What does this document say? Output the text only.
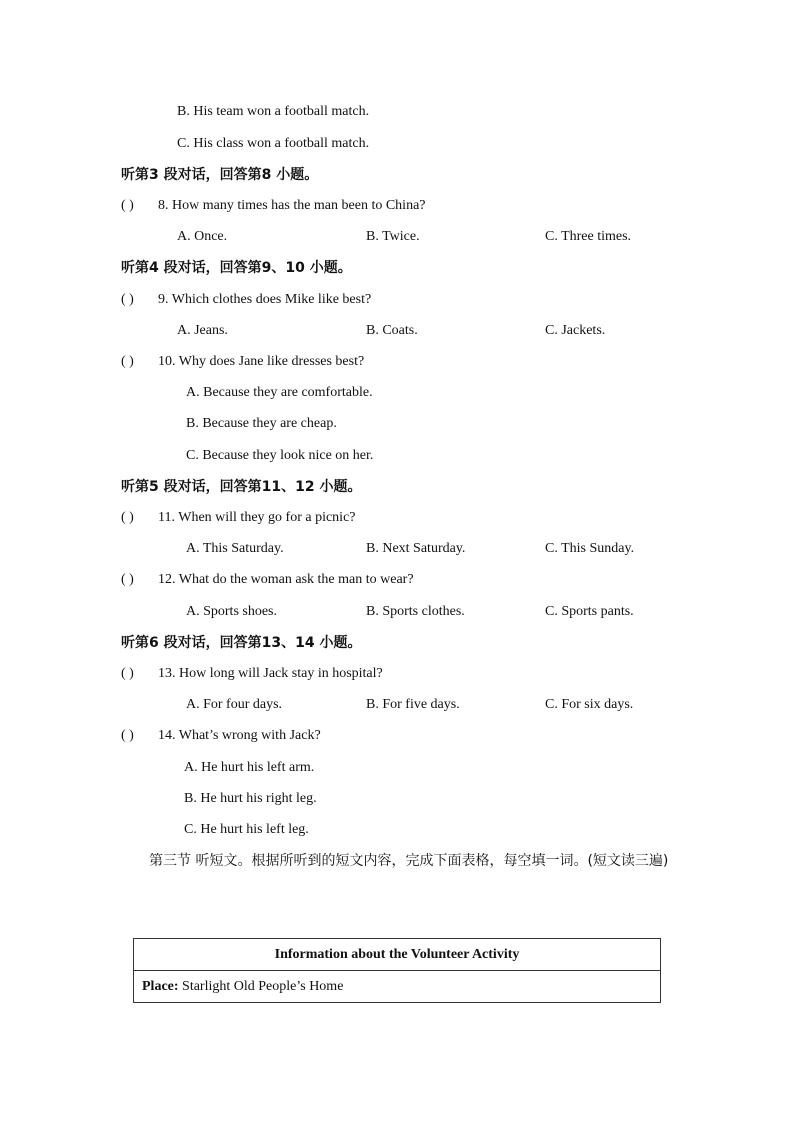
B. His team won a football match.
C. His class won a football match.
听第3 段对话，回答第8 小题。
( ) 8. How many times has the man been to China?
A. Once.	B. Twice.	C. Three times.
听第4 段对话，回答第9、10 小题。
( ) 9. Which clothes does Mike like best?
A. Jeans.	B. Coats.	C. Jackets.
( ) 10. Why does Jane like dresses best?
A. Because they are comfortable.
B. Because they are cheap.
C. Because they look nice on her.
听第5 段对话，回答第11、12 小题。
( ) 11. When will they go for a picnic?
A. This Saturday.	B. Next Saturday.	C. This Sunday.
( ) 12. What do the woman ask the man to wear?
A. Sports shoes.	B. Sports clothes.	C. Sports pants.
听第6 段对话，回答第13、14 小题。
( ) 13. How long will Jack stay in hospital?
A. For four days.	B. For five days.	C. For six days.
( ) 14. What’s wrong with Jack?
A. He hurt his left arm.
B. He hurt his right leg.
C. He hurt his left leg.
　　第三节 听短文。根据所听到的短文内容，完成下面表格，每空填一词。(短文读三遍)
Information about the Volunteer Activity
Place: Starlight Old People’s Home
